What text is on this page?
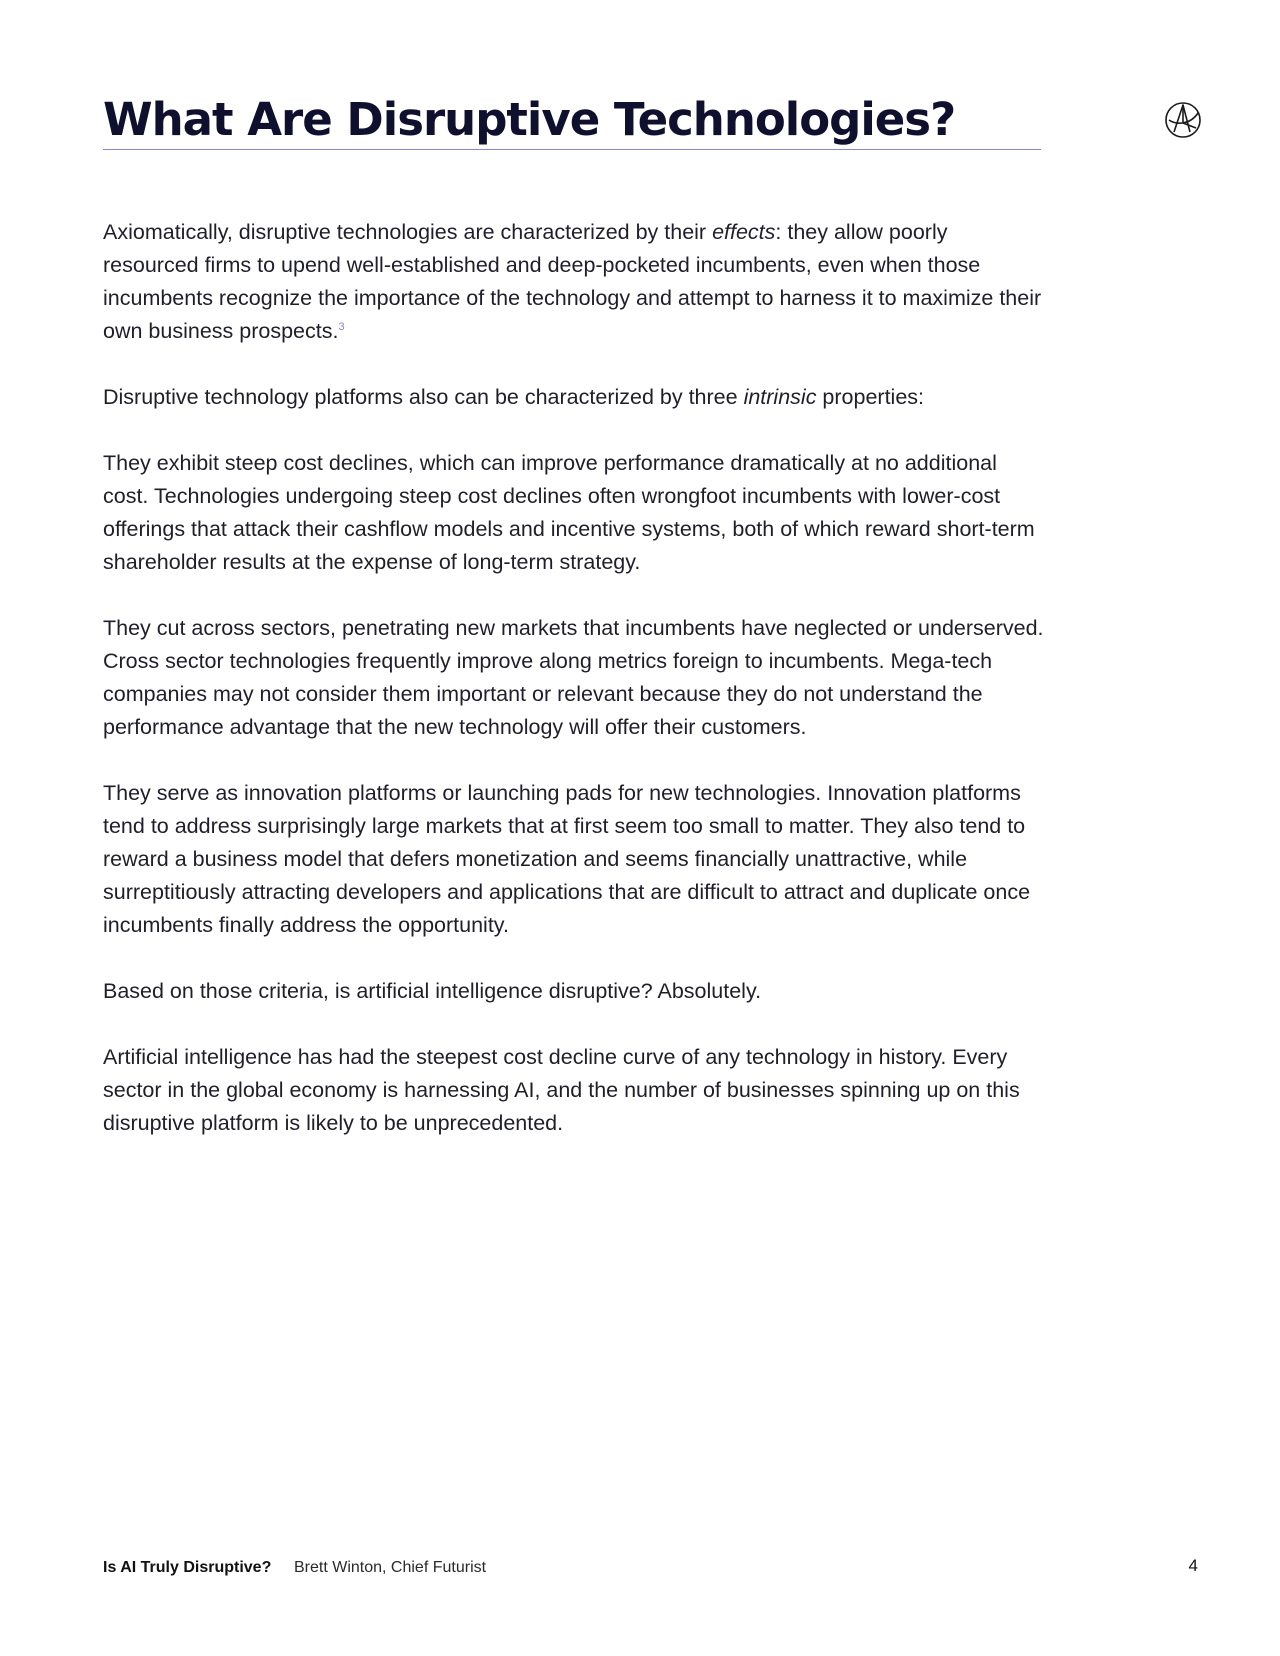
What Are Disruptive Technologies?

Axiomatically, disruptive technologies are characterized by their effects: they allow poorly resourced firms to upend well-established and deep-pocketed incumbents, even when those incumbents recognize the importance of the technology and attempt to harness it to maximize their own business prospects.$^3$

Disruptive technology platforms also can be characterized by three intrinsic properties:

They exhibit steep cost declines, which can improve performance dramatically at no additional cost. Technologies undergoing steep cost declines often wrongfoot incumbents with lower-cost offerings that attack their cashflow models and incentive systems, both of which reward short-term shareholder results at the expense of long-term strategy.

They cut across sectors, penetrating new markets that incumbents have neglected or underserved. Cross sector technologies frequently improve along metrics foreign to incumbents. Mega-tech companies may not consider them important or relevant because they do not understand the performance advantage that the new technology will offer their customers.

They serve as innovation platforms or launching pads for new technologies. Innovation platforms tend to address surprisingly large markets that at first seem too small to matter. They also tend to reward a business model that defers monetization and seems financially unattractive, while surreptitiously attracting developers and applications that are difficult to attract and duplicate once incumbents finally address the opportunity.

Based on those criteria, is artificial intelligence disruptive? Absolutely.

Artificial intelligence has had the steepest cost decline curve of any technology in history. Every sector in the global economy is harnessing AI, and the number of businesses spinning up on this disruptive platform is likely to be unprecedented.

Is AI Truly Disruptive? Brett Winton, Chief Futurist	4
